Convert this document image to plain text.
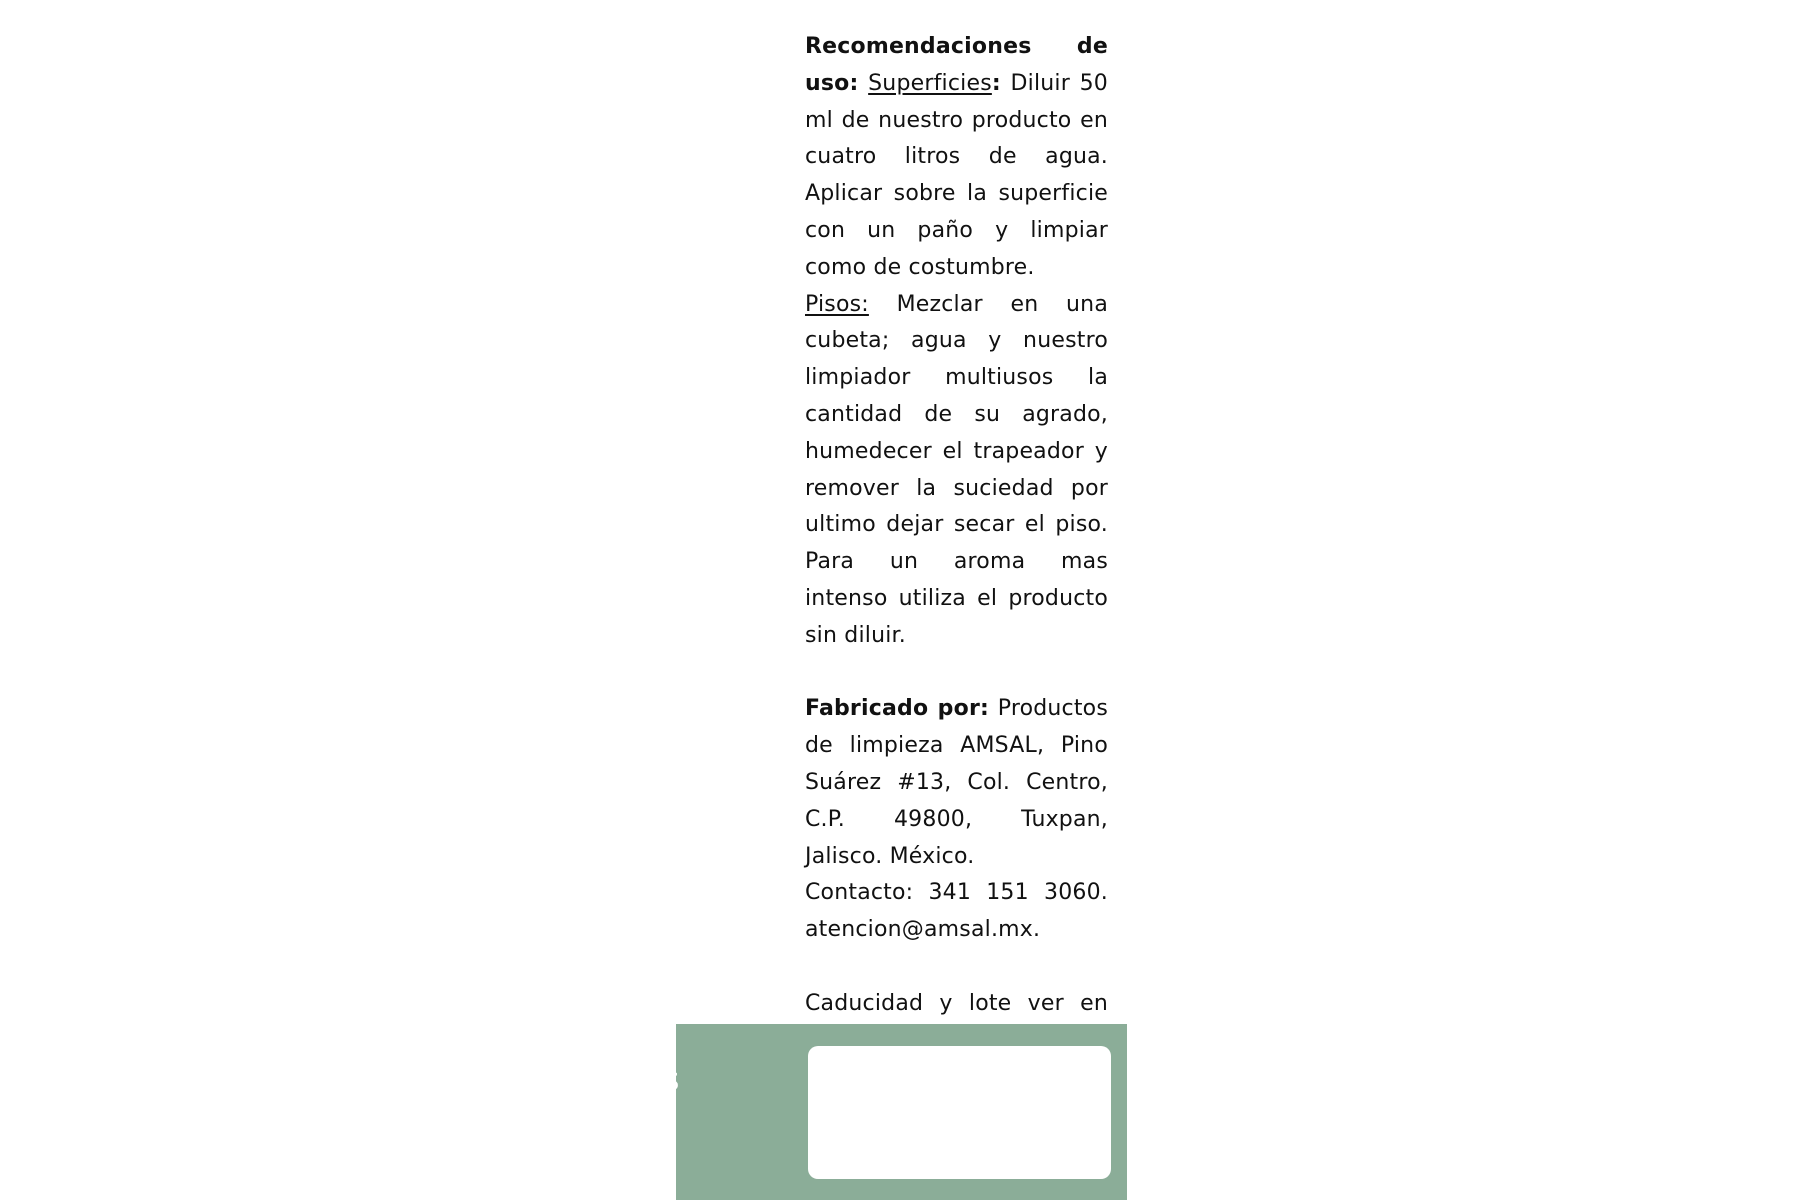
Recomendaciones de uso: Superficies: Diluir 50 ml de nuestro producto en cuatro litros de agua. Aplicar sobre la superficie con un paño y limpiar como de costumbre.

Pisos: Mezclar en una cubeta; agua y nuestro limpiador multiusos la cantidad de su agrado, humedecer el trapeador y remover la suciedad por ultimo dejar secar el piso. Para un aroma mas intenso utiliza el producto sin diluir.

Fabricado por: Productos de limpieza AMSAL, Pino Suárez #13, Col. Centro, C.P. 49800, Tuxpan, Jalisco. México.

Contacto: 341 151 3060. atencion@amsal.mx.

Caducidad y lote ver en

es
